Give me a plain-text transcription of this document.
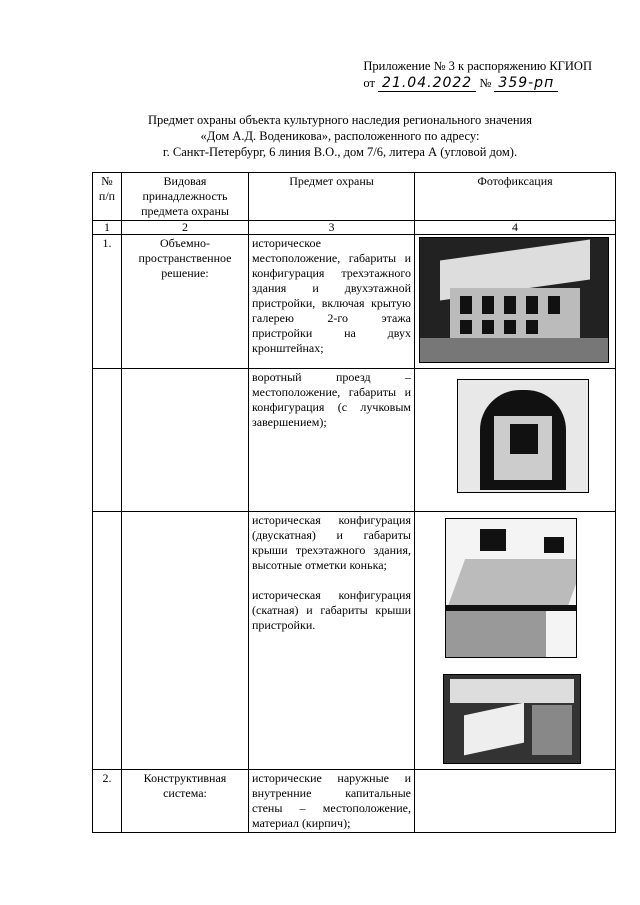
Приложение № 3 к распоряжению КГИОП
от 21.04.2022 № 359-рп
Предмет охраны объекта культурного наследия регионального значения
«Дом А.Д. Воденикова», расположенного по адресу:
г. Санкт-Петербург, 6 линия В.О., дом 7/6, литера А (угловой дом).
№ п/п	Видовая принадлежность предмета охраны	Предмет охраны	Фотофиксация
1	2	3	4
1.	Объемно-пространственное решение:	историческое местоположение, габариты и конфигурация трехэтажного здания и двухэтажной пристройки, включая крытую галерею 2-го этажа пристройки на двух кронштейнах;	

		воротный проезд – местоположение, габариты и конфигурация (с лучковым завершением);	

		историческая конфигурация (двускатная) и габариты крыши трехэтажного здания, высотные отметки конька;
историческая конфигурация (скатная) и габариты крыши пристройки.	

2.	Конструктивная система:	исторические наружные и внутренние капитальные стены – местоположение, материал (кирпич);	
